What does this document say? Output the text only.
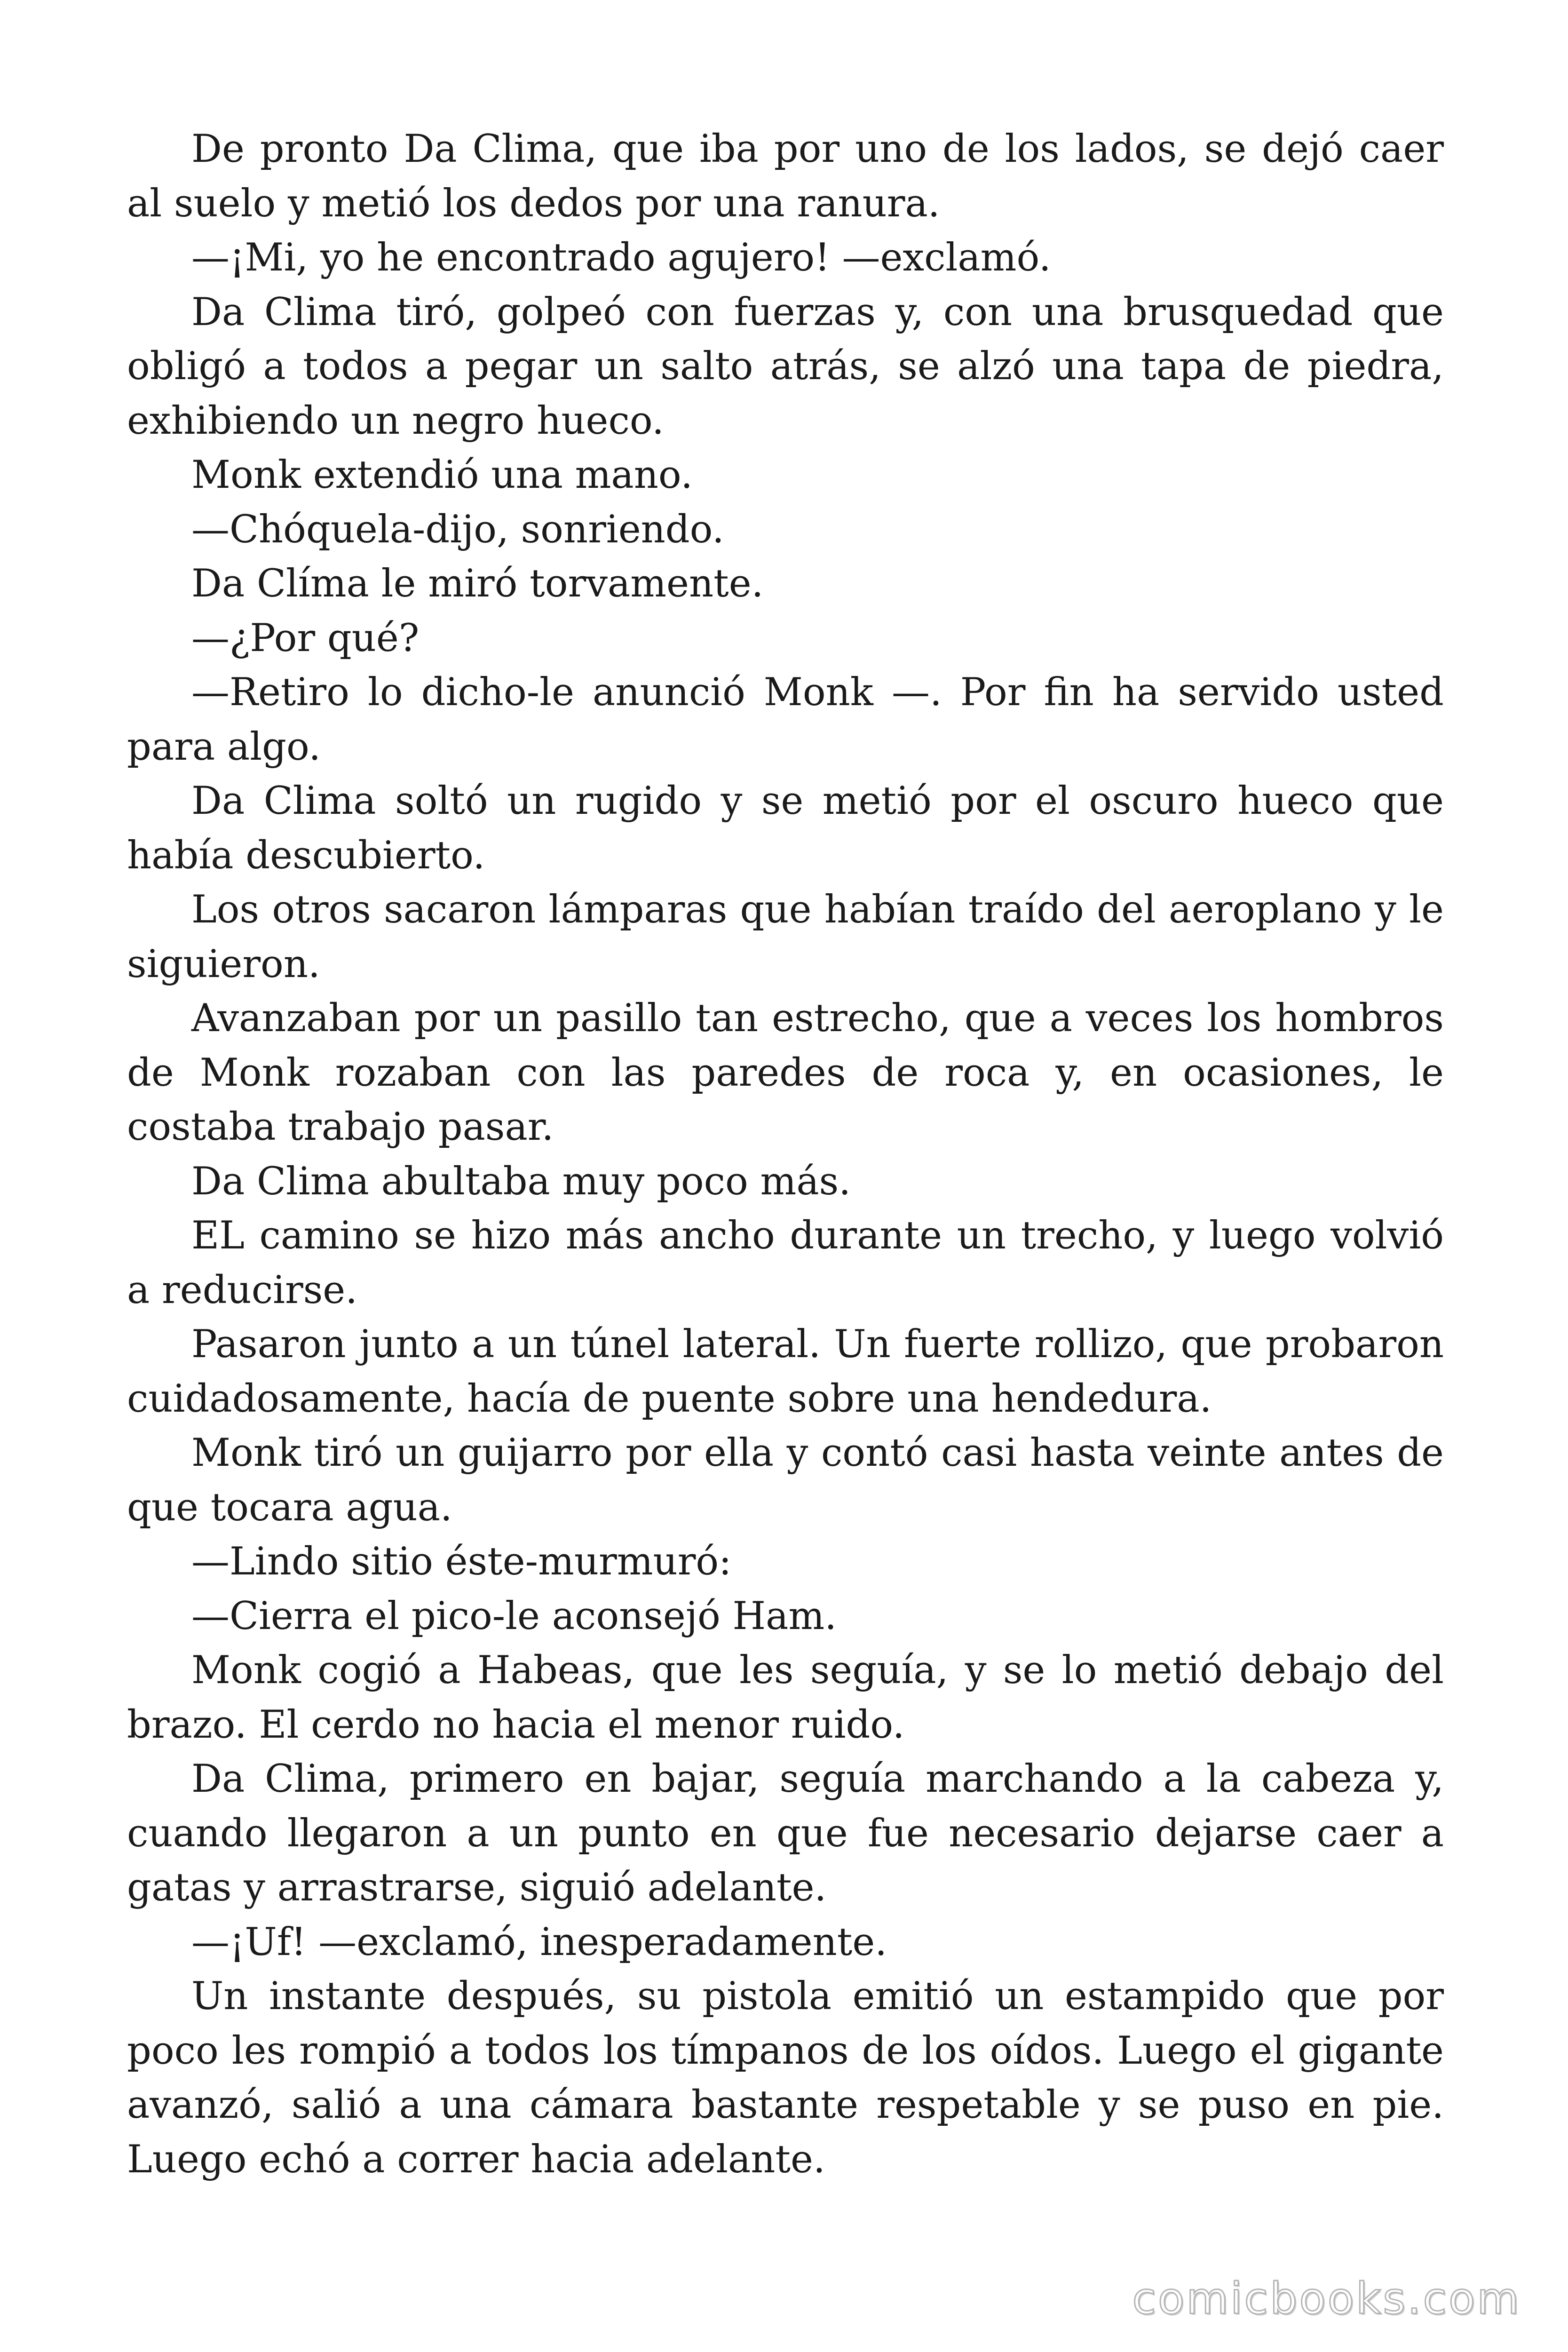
De pronto Da Clima, que iba por uno de los lados, se dejó caer al suelo y metió los dedos por una ranura.

—¡Mi, yo he encontrado agujero! —exclamó.

Da Clima tiró, golpeó con fuerzas y, con una brusquedad que obligó a todos a pegar un salto atrás, se alzó una tapa de piedra, exhibiendo un negro hueco.

Monk extendió una mano.

—Chóquela-dijo, sonriendo.

Da Clíma le miró torvamente.

—¿Por qué?

—Retiro lo dicho-le anunció Monk —. Por fin ha servido usted para algo.

Da Clima soltó un rugido y se metió por el oscuro hueco que había descubierto.

Los otros sacaron lámparas que habían traído del aeroplano y le siguieron.

Avanzaban por un pasillo tan estrecho, que a veces los hombros de Monk rozaban con las paredes de roca y, en ocasiones, le costaba trabajo pasar.

Da Clima abultaba muy poco más.

EL camino se hizo más ancho durante un trecho, y luego volvió a reducirse.

Pasaron junto a un túnel lateral. Un fuerte rollizo, que probaron cuidadosamente, hacía de puente sobre una hendedura.

Monk tiró un guijarro por ella y contó casi hasta veinte antes de que tocara agua.

—Lindo sitio éste-murmuró:

—Cierra el pico-le aconsejó Ham.

Monk cogió a Habeas, que les seguía, y se lo metió debajo del brazo. El cerdo no hacia el menor ruido.

Da Clima, primero en bajar, seguía marchando a la cabeza y, cuando llegaron a un punto en que fue necesario dejarse caer a gatas y arrastrarse, siguió adelante.

—¡Uf! —exclamó, inesperadamente.

Un instante después, su pistola emitió un estampido que por poco les rompió a todos los tímpanos de los oídos. Luego el gigante avanzó, salió a una cámara bastante respetable y se puso en pie. Luego echó a correr hacia adelante.

comicbooks.com
